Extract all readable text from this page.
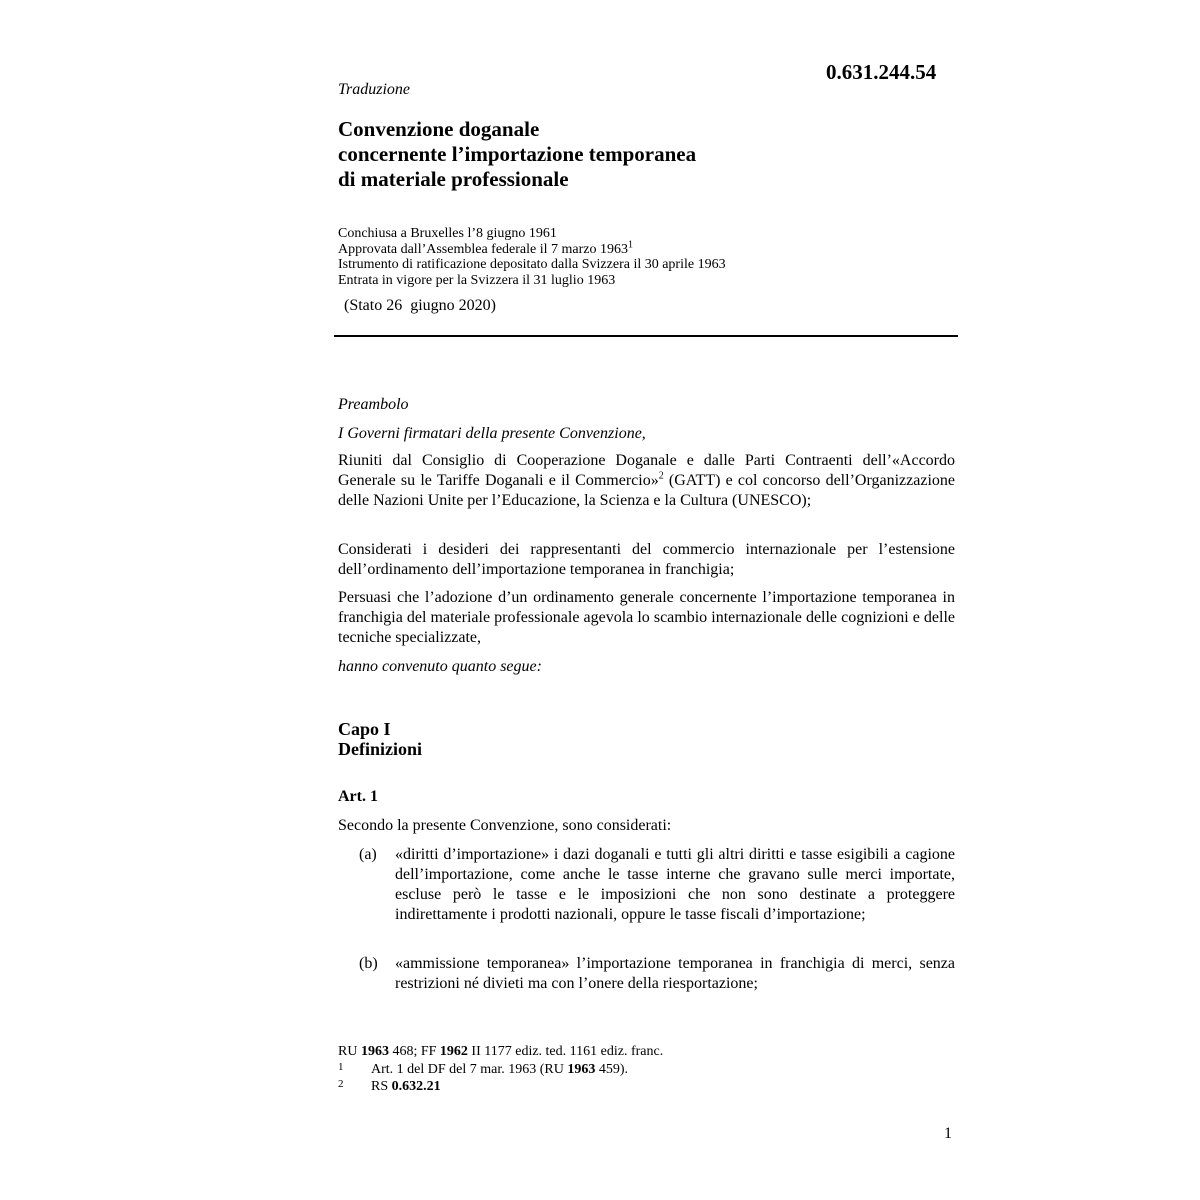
0.631.244.54
Traduzione
Convenzione doganale
concernente l’importazione temporanea
di materiale professionale
Conchiusa a Bruxelles l’8 giugno 1961
Approvata dall’Assemblea federale il 7 marzo 1963$^1$
Istrumento di ratificazione depositato dalla Svizzera il 30 aprile 1963
Entrata in vigore per la Svizzera il 31 luglio 1963
(Stato 26  giugno 2020)

Preambolo

I Governi firmatari della presente Convenzione,

Riuniti dal Consiglio di Cooperazione Doganale e dalle Parti Contraenti dell’«Accordo Generale su le Tariffe Doganali e il Commercio»$^2$ (GATT) e col concorso dell’Organizzazione delle Nazioni Unite per l’Educazione, la Scienza e la Cultura (UNESCO);

Considerati i desideri dei rappresentanti del commercio internazionale per l’estensione dell’ordinamento dell’importazione temporanea in franchigia;

Persuasi che l’adozione d’un ordinamento generale concernente l’importazione temporanea in franchigia del materiale professionale agevola lo scambio internazionale delle cognizioni e delle tecniche specializzate,

hanno convenuto quanto segue:

Capo I
Definizioni
Art. 1

Secondo la presente Convenzione, sono considerati:

(a) «diritti d’importazione» i dazi doganali e tutti gli altri diritti e tasse esigibili a cagione dell’importazione, come anche le tasse interne che gravano sulle merci importate, escluse però le tasse e le imposizioni che non sono destinate a proteggere indirettamente i prodotti nazionali, oppure le tasse fiscali d’importazione;
(b) «ammissione temporanea» l’importazione temporanea in franchigia di merci, senza restrizioni né divieti ma con l’onere della riesportazione;
RU 1963 468; FF 1962 II 1177 ediz. ted. 1161 ediz. franc.
1 Art. 1 del DF del 7 mar. 1963 (RU 1963 459).
2 RS 0.632.21
1
